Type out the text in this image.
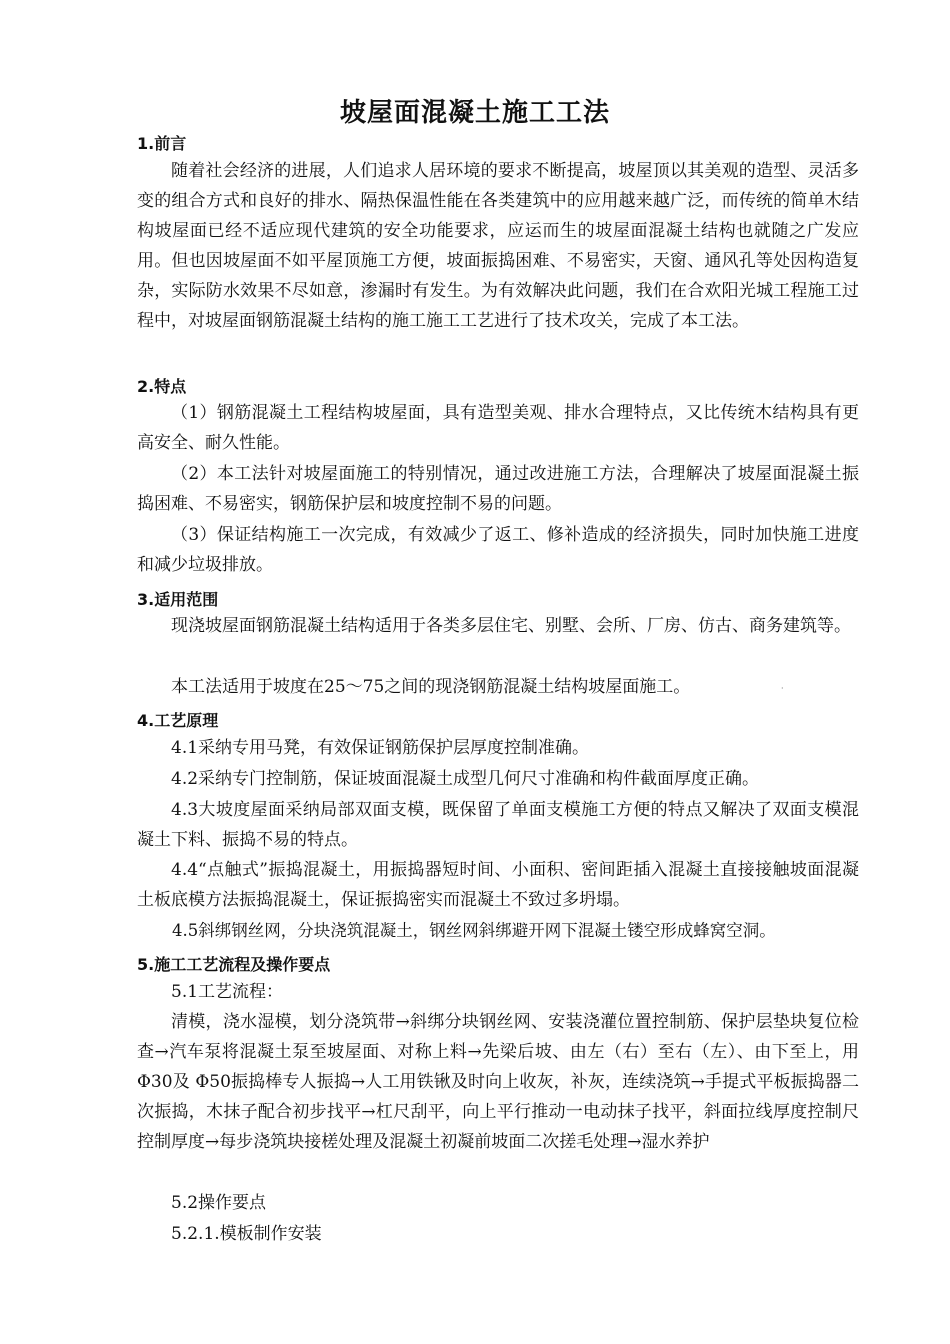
坡屋面混凝土施工工法
1.前言
随着社会经济的进展，人们追求人居环境的要求不断提高，坡屋顶以其美观的造型、灵活多变的组合方式和良好的排水、隔热保温性能在各类建筑中的应用越来越广泛，而传统的简单木结构坡屋面已经不适应现代建筑的安全功能要求，应运而生的坡屋面混凝土结构也就随之广发应用。但也因坡屋面不如平屋顶施工方便，坡面振捣困难、不易密实，天窗、通风孔等处因构造复杂，实际防水效果不尽如意，渗漏时有发生。为有效解决此问题，我们在合欢阳光城工程施工过程中，对坡屋面钢筋混凝土结构的施工施工工艺进行了技术攻关，完成了本工法。
2.特点
（1）钢筋混凝土工程结构坡屋面，具有造型美观、排水合理特点，又比传统木结构具有更高安全、耐久性能。
（2）本工法针对坡屋面施工的特别情况，通过改进施工方法，合理解决了坡屋面混凝土振捣困难、不易密实，钢筋保护层和坡度控制不易的问题。
（3）保证结构施工一次完成，有效减少了返工、修补造成的经济损失，同时加快施工进度和减少垃圾排放。
3.适用范围
现浇坡屋面钢筋混凝土结构适用于各类多层住宅、别墅、会所、厂房、仿古、商务建筑等。
本工法适用于坡度在25～75之间的现浇钢筋混凝土结构坡屋面施工。	·
4.工艺原理
4.1采纳专用马凳，有效保证钢筋保护层厚度控制准确。
4.2采纳专门控制筋，保证坡面混凝土成型几何尺寸准确和构件截面厚度正确。
4.3大坡度屋面采纳局部双面支模，既保留了单面支模施工方便的特点又解决了双面支模混凝土下料、振捣不易的特点。
4.4“点触式”振捣混凝土，用振捣器短时间、小面积、密间距插入混凝土直接接触坡面混凝土板底模方法振捣混凝土，保证振捣密实而混凝土不致过多坍塌。
4.5斜绑钢丝网，分块浇筑混凝土，钢丝网斜绑避开网下混凝土镂空形成蜂窝空洞。
5.施工工艺流程及操作要点
5.1工艺流程：
清模，浇水湿模，划分浇筑带→斜绑分块钢丝网、安装浇灌位置控制筋、保护层垫块复位检查→汽车泵将混凝土泵至坡屋面、对称上料→先梁后坡、由左（右）至右（左）、由下至上，用 Φ30及 Φ50振捣棒专人振捣→人工用铁锹及时向上收灰，补灰，连续浇筑→手提式平板振捣器二次振捣，木抹子配合初步找平→杠尺刮平，向上平行推动一电动抹子找平，斜面拉线厚度控制尺控制厚度→每步浇筑块接槎处理及混凝土初凝前坡面二次搓毛处理→湿水养护
5.2操作要点
5.2.1.模板制作安装
